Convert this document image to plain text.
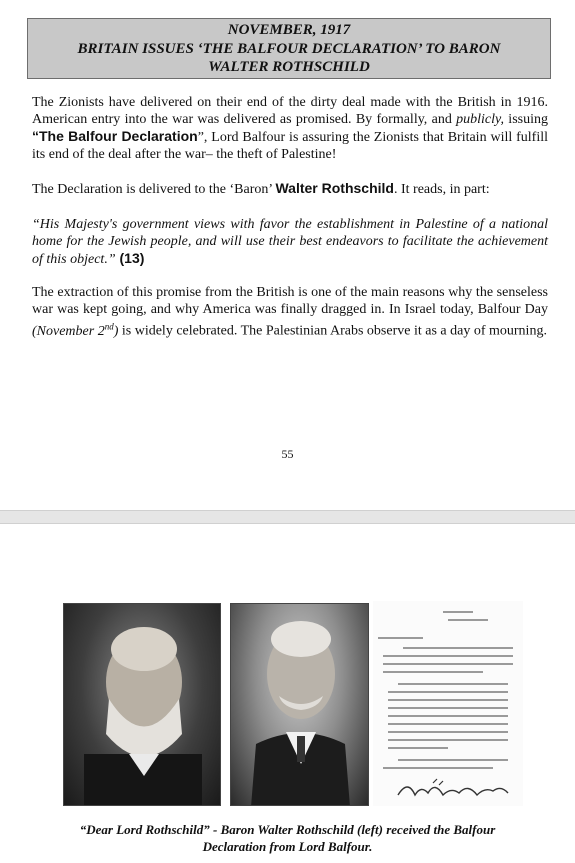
NOVEMBER, 1917
BRITAIN ISSUES ‘THE BALFOUR DECLARATION’ TO BARON
WALTER ROTHSCHILD
The Zionists have delivered on their end of the dirty deal made with the British in 1916. American entry into the war was delivered as promised. By formally, and publicly, issuing “The Balfour Declaration”, Lord Balfour is assuring the Zionists that Britain will fulfill its end of the deal after the war– the theft of Palestine!
The Declaration is delivered to the ‘Baron’ Walter Rothschild. It reads, in part:
“His Majesty's government views with favor the establishment in Palestine of a national home for the Jewish people, and will use their best endeavors to facilitate the achievement of this object.” (13)
The extraction of this promise from the British is one of the main reasons why the senseless war was kept going, and why America was finally dragged in. In Israel today, Balfour Day (November 2nd) is widely celebrated. The Palestinian Arabs observe it as a day of mourning.
55
“Dear Lord Rothschild” - Baron Walter Rothschild (left) received the Balfour
Declaration from Lord Balfour.
